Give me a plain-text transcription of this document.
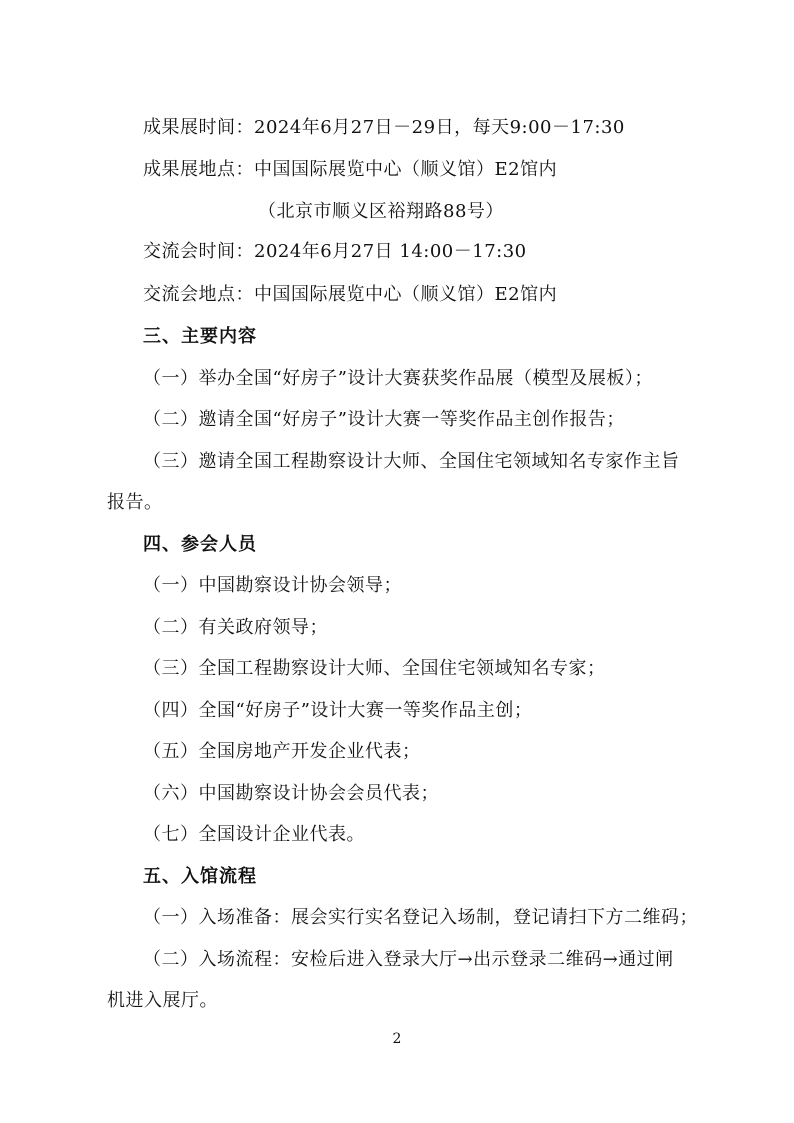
成果展时间：2024年6月27日－29日，每天9:00－17:30
成果展地点：中国国际展览中心（顺义馆）E2馆内
（北京市顺义区裕翔路88号）
交流会时间：2024年6月27日 14:00－17:30
交流会地点：中国国际展览中心（顺义馆）E2馆内
三、主要内容
（一）举办全国“好房子”设计大赛获奖作品展（模型及展板）；
（二）邀请全国“好房子”设计大赛一等奖作品主创作报告；
（三）邀请全国工程勘察设计大师、全国住宅领域知名专家作主旨
报告。
四、参会人员
（一）中国勘察设计协会领导；
（二）有关政府领导；
（三）全国工程勘察设计大师、全国住宅领域知名专家；
（四）全国“好房子”设计大赛一等奖作品主创；
（五）全国房地产开发企业代表；
（六）中国勘察设计协会会员代表；
（七）全国设计企业代表。
五、入馆流程
（一）入场准备：展会实行实名登记入场制，登记请扫下方二维码；
（二）入场流程：安检后进入登录大厅→出示登录二维码→通过闸
机进入展厅。
2
